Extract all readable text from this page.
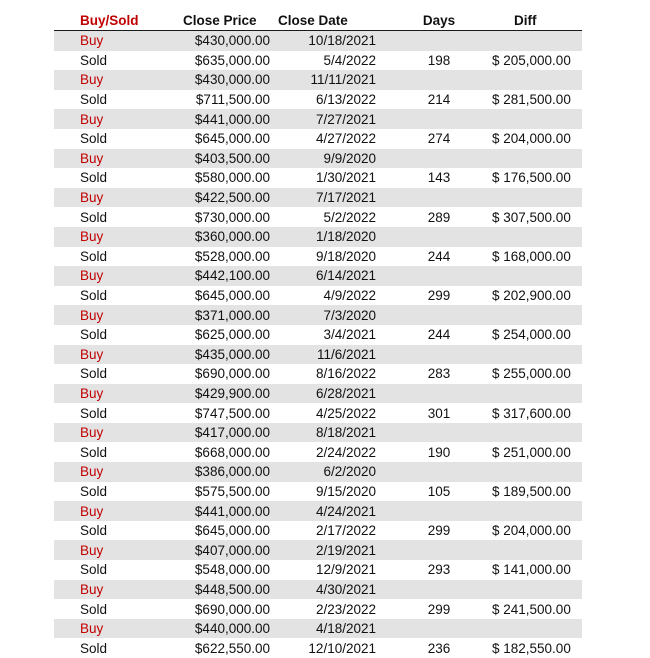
Buy/Sold	Close Price	Close Date	Days	Diff
Buy	$430,000.00	10/18/2021
Sold	$635,000.00	5/4/2022	198	$ 205,000.00
Buy	$430,000.00	11/11/2021
Sold	$711,500.00	6/13/2022	214	$ 281,500.00
Buy	$441,000.00	7/27/2021
Sold	$645,000.00	4/27/2022	274	$ 204,000.00
Buy	$403,500.00	9/9/2020
Sold	$580,000.00	1/30/2021	143	$ 176,500.00
Buy	$422,500.00	7/17/2021
Sold	$730,000.00	5/2/2022	289	$ 307,500.00
Buy	$360,000.00	1/18/2020
Sold	$528,000.00	9/18/2020	244	$ 168,000.00
Buy	$442,100.00	6/14/2021
Sold	$645,000.00	4/9/2022	299	$ 202,900.00
Buy	$371,000.00	7/3/2020
Sold	$625,000.00	3/4/2021	244	$ 254,000.00
Buy	$435,000.00	11/6/2021
Sold	$690,000.00	8/16/2022	283	$ 255,000.00
Buy	$429,900.00	6/28/2021
Sold	$747,500.00	4/25/2022	301	$ 317,600.00
Buy	$417,000.00	8/18/2021
Sold	$668,000.00	2/24/2022	190	$ 251,000.00
Buy	$386,000.00	6/2/2020
Sold	$575,500.00	9/15/2020	105	$ 189,500.00
Buy	$441,000.00	4/24/2021
Sold	$645,000.00	2/17/2022	299	$ 204,000.00
Buy	$407,000.00	2/19/2021
Sold	$548,000.00	12/9/2021	293	$ 141,000.00
Buy	$448,500.00	4/30/2021
Sold	$690,000.00	2/23/2022	299	$ 241,500.00
Buy	$440,000.00	4/18/2021
Sold	$622,550.00	12/10/2021	236	$ 182,550.00
